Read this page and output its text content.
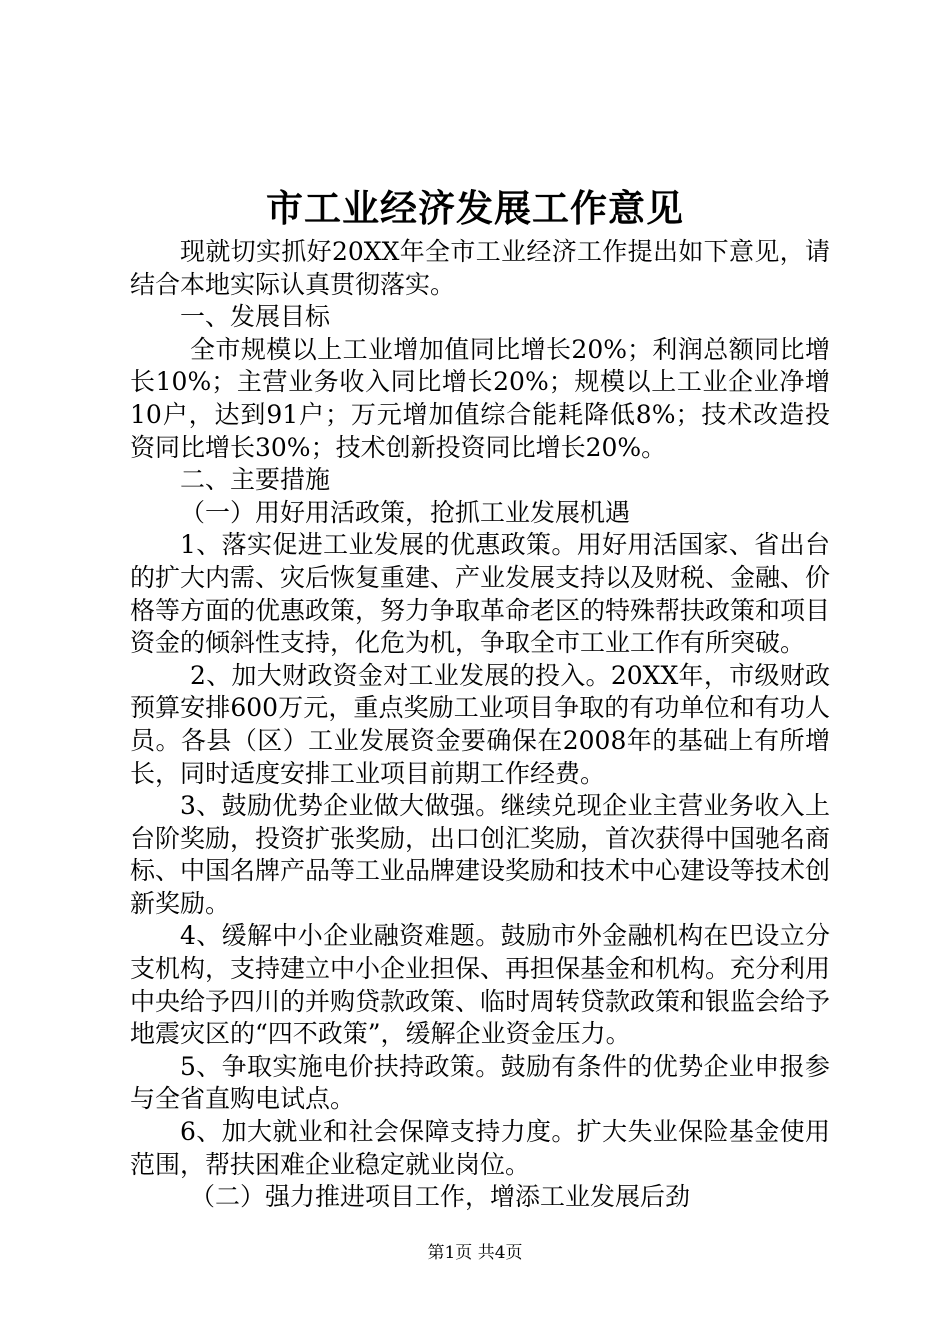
市工业经济发展工作意见

现就切实抓好20XX年全市工业经济工作提出如下意见，请结合本地实际认真贯彻落实。

一、发展目标

全市规模以上工业增加值同比增长20%；利润总额同比增长10%；主营业务收入同比增长20%；规模以上工业企业净增10户，达到91户；万元增加值综合能耗降低8%；技术改造投资同比增长30%；技术创新投资同比增长20%。

二、主要措施

（一）用好用活政策，抢抓工业发展机遇

1、落实促进工业发展的优惠政策。用好用活国家、省出台的扩大内需、灾后恢复重建、产业发展支持以及财税、金融、价格等方面的优惠政策，努力争取革命老区的特殊帮扶政策和项目资金的倾斜性支持，化危为机，争取全市工业工作有所突破。

2、加大财政资金对工业发展的投入。20XX年，市级财政预算安排600万元，重点奖励工业项目争取的有功单位和有功人员。各县（区）工业发展资金要确保在2008年的基础上有所增长，同时适度安排工业项目前期工作经费。

3、鼓励优势企业做大做强。继续兑现企业主营业务收入上台阶奖励，投资扩张奖励，出口创汇奖励，首次获得中国驰名商标、中国名牌产品等工业品牌建设奖励和技术中心建设等技术创新奖励。

4、缓解中小企业融资难题。鼓励市外金融机构在巴设立分支机构，支持建立中小企业担保、再担保基金和机构。充分利用中央给予四川的并购贷款政策、临时周转贷款政策和银监会给予地震灾区的“四不政策”，缓解企业资金压力。

5、争取实施电价扶持政策。鼓励有条件的优势企业申报参与全省直购电试点。

6、加大就业和社会保障支持力度。扩大失业保险基金使用范围，帮扶困难企业稳定就业岗位。

（二）强力推进项目工作，增添工业发展后劲

第1页 共4页
